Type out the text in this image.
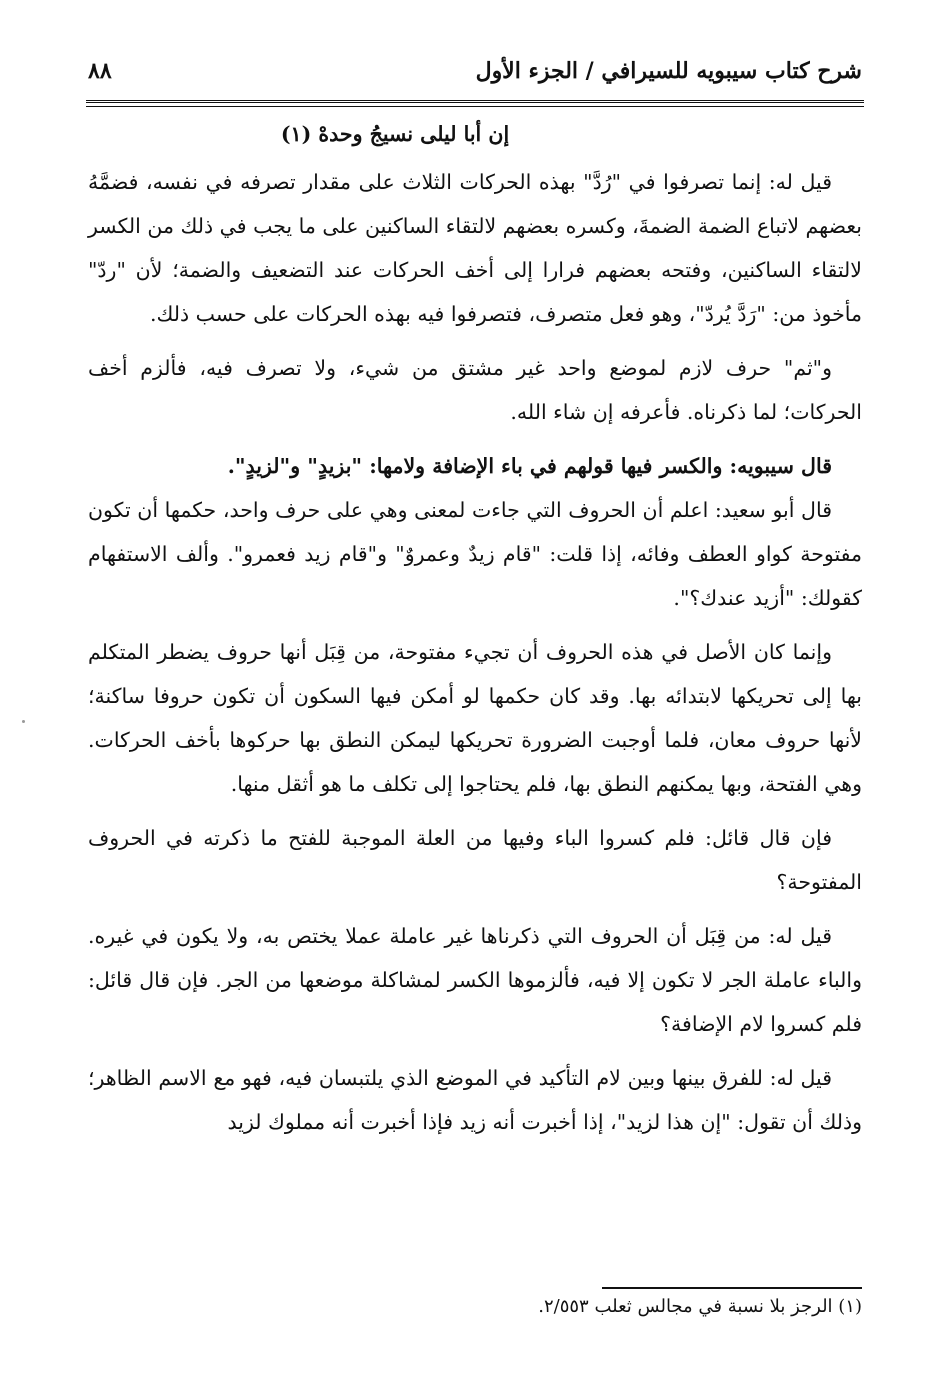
شرح كتاب سيبويه للسيرافي / الجزء الأول
٨٨

إن أبا ليلى نسيجُ وحدهْ (١)

قيل له: إنما تصرفوا في "رُدَّ" بهذه الحركات الثلاث على مقدار تصرفه في نفسه، فضمَّهُ بعضهم لاتباع الضمة الضمةَ، وكسره بعضهم لالتقاء الساكنين على ما يجب في ذلك من الكسر لالتقاء الساكنين، وفتحه بعضهم فرارا إلى أخف الحركات عند التضعيف والضمة؛ لأن "ردّ" مأخوذ من: "رَدَّ يُردّ"، وهو فعل متصرف، فتصرفوا فيه بهذه الحركات على حسب ذلك.

و"ثم" حرف لازم لموضع واحد غير مشتق من شيء، ولا تصرف فيه، فألزم أخف الحركات؛ لما ذكرناه. فأعرفه إن شاء الله.

قال سيبويه: والكسر فيها قولهم في باء الإضافة ولامها: "بزيدٍ" و"لزيدٍ".

قال أبو سعيد: اعلم أن الحروف التي جاءت لمعنى وهي على حرف واحد، حكمها أن تكون مفتوحة كواو العطف وفائه، إذا قلت: "قام زيدٌ وعمروٌ" و"قام زيد فعمرو". وألف الاستفهام كقولك: "أزيد عندك؟".

وإنما كان الأصل في هذه الحروف أن تجيء مفتوحة، من قِبَل أنها حروف يضطر المتكلم بها إلى تحريكها لابتدائه بها. وقد كان حكمها لو أمكن فيها السكون أن تكون حروفا ساكنة؛ لأنها حروف معان، فلما أوجبت الضرورة تحريكها ليمكن النطق بها حركوها بأخف الحركات. وهي الفتحة، وبها يمكنهم النطق بها، فلم يحتاجوا إلى تكلف ما هو أثقل منها.

فإن قال قائل: فلم كسروا الباء وفيها من العلة الموجبة للفتح ما ذكرته في الحروف المفتوحة؟

قيل له: من قِبَل أن الحروف التي ذكرناها غير عاملة عملا يختص به، ولا يكون في غيره. والباء عاملة الجر لا تكون إلا فيه، فألزموها الكسر لمشاكلة موضعها من الجر. فإن قال قائل: فلم كسروا لام الإضافة؟

قيل له: للفرق بينها وبين لام التأكيد في الموضع الذي يلتبسان فيه، فهو مع الاسم الظاهر؛ وذلك أن تقول: "إن هذا لزيد"، إذا أخبرت أنه زيد فإذا أخبرت أنه مملوك لزيد

(١) الرجز بلا نسبة في مجالس ثعلب ٢/٥٥٣.
